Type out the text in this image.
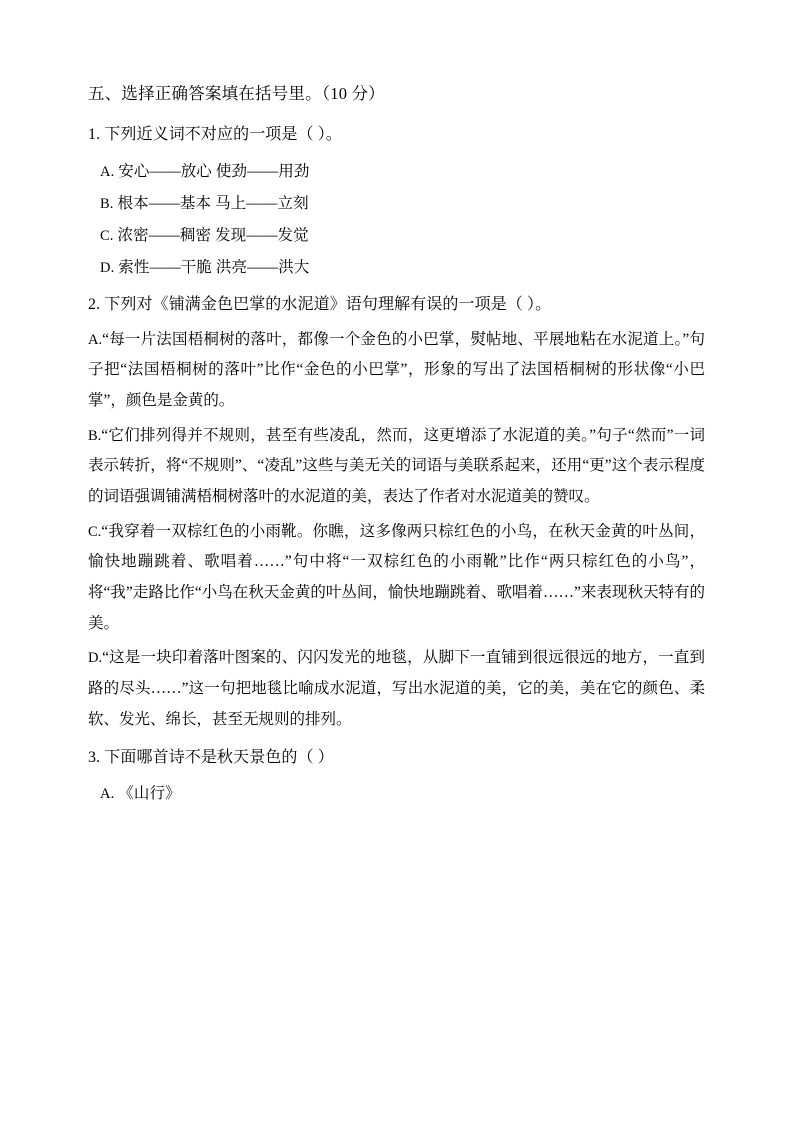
五、选择正确答案填在括号里。（10 分）
1. 下列近义词不对应的一项是（ ）。
A. 安心——放心 使劲——用劲
B. 根本——基本 马上——立刻
C. 浓密——稠密 发现——发觉
D. 索性——干脆 洪亮——洪大
2. 下列对《铺满金色巴掌的水泥道》语句理解有误的一项是（ ）。
A.“每一片法国梧桐树的落叶，都像一个金色的小巴掌，熨帖地、平展地粘在水泥道上。”句子把“法国梧桐树的落叶”比作“金色的小巴掌”，形象的写出了法国梧桐树的形状像“小巴掌”，颜色是金黄的。
B.“它们排列得并不规则，甚至有些凌乱，然而，这更增添了水泥道的美。”句子“然而”一词表示转折，将“不规则”、“凌乱”这些与美无关的词语与美联系起来，还用“更”这个表示程度的词语强调铺满梧桐树落叶的水泥道的美，表达了作者对水泥道美的赞叹。
C.“我穿着一双棕红色的小雨靴。你瞧，这多像两只棕红色的小鸟，在秋天金黄的叶丛间，愉快地蹦跳着、歌唱着……”句中将“一双棕红色的小雨靴”比作“两只棕红色的小鸟”，将“我”走路比作“小鸟在秋天金黄的叶丛间，愉快地蹦跳着、歌唱着……”来表现秋天特有的美。
D.“这是一块印着落叶图案的、闪闪发光的地毯，从脚下一直铺到很远很远的地方，一直到路的尽头……”这一句把地毯比喻成水泥道，写出水泥道的美，它的美，美在它的颜色、柔软、发光、绵长，甚至无规则的排列。
3. 下面哪首诗不是秋天景色的（ ）
A. 《山行》
